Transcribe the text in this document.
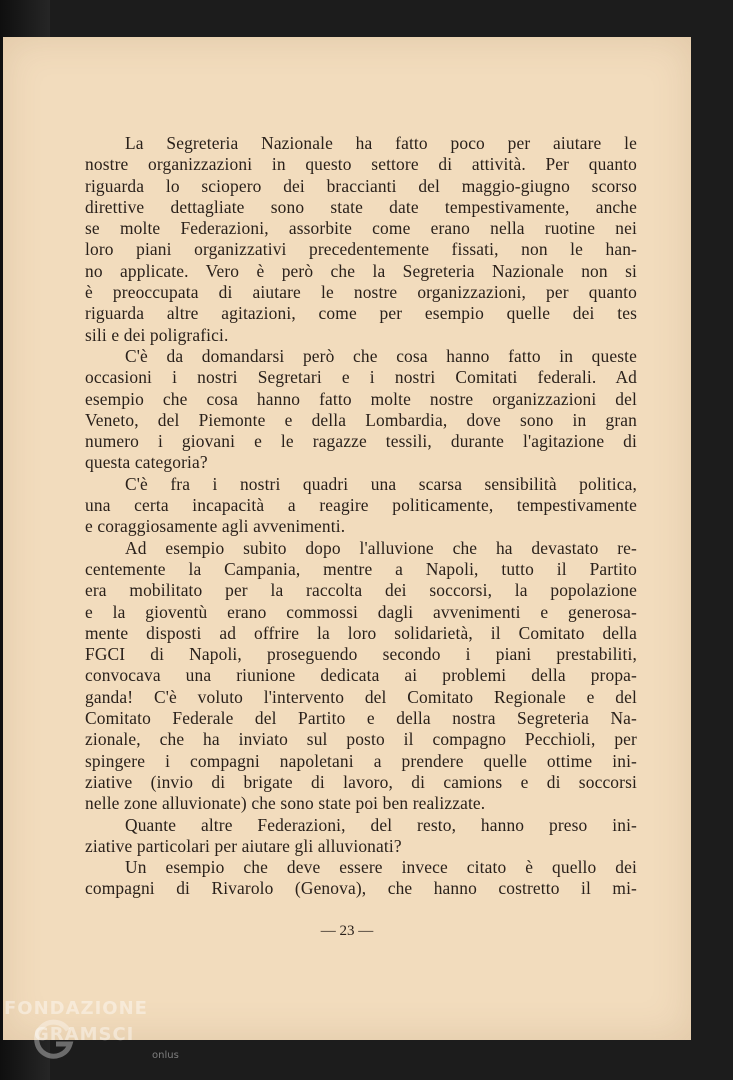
La Segreteria Nazionale ha fatto poco per aiutare le
nostre organizzazioni in questo settore di attività. Per quanto
riguarda lo sciopero dei braccianti del maggio-giugno scorso
direttive dettagliate sono state date tempestivamente, anche
se molte Federazioni, assorbite come erano nella ruotine nei
loro piani organizzativi precedentemente fissati, non le han-
no applicate. Vero è però che la Segreteria Nazionale non si
è preoccupata di aiutare le nostre organizzazioni, per quanto
riguarda altre agitazioni, come per esempio quelle dei tes
sili e dei poligrafici.
C'è da domandarsi però che cosa hanno fatto in queste
occasioni i nostri Segretari e i nostri Comitati federali. Ad
esempio che cosa hanno fatto molte nostre organizzazioni del
Veneto, del Piemonte e della Lombardia, dove sono in gran
numero i giovani e le ragazze tessili, durante l'agitazione di
questa categoria?
C'è fra i nostri quadri una scarsa sensibilità politica,
una certa incapacità a reagire politicamente, tempestivamente
e coraggiosamente agli avvenimenti.
Ad esempio subito dopo l'alluvione che ha devastato re-
centemente la Campania, mentre a Napoli, tutto il Partito
era mobilitato per la raccolta dei soccorsi, la popolazione
e la gioventù erano commossi dagli avvenimenti e generosa-
mente disposti ad offrire la loro solidarietà, il Comitato della
FGCI di Napoli, proseguendo secondo i piani prestabiliti,
convocava una riunione dedicata ai problemi della propa-
ganda! C'è voluto l'intervento del Comitato Regionale e del
Comitato Federale del Partito e della nostra Segreteria Na-
zionale, che ha inviato sul posto il compagno Pecchioli, per
spingere i compagni napoletani a prendere quelle ottime ini-
ziative (invio di brigate di lavoro, di camions e di soccorsi
nelle zone alluvionate) che sono state poi ben realizzate.
Quante altre Federazioni, del resto, hanno preso ini-
ziative particolari per aiutare gli alluvionati?
Un esempio che deve essere invece citato è quello dei
compagni di Rivarolo (Genova), che hanno costretto il mi-
— 23 —
FONDAZIONE
GRAMSCI
onlus
